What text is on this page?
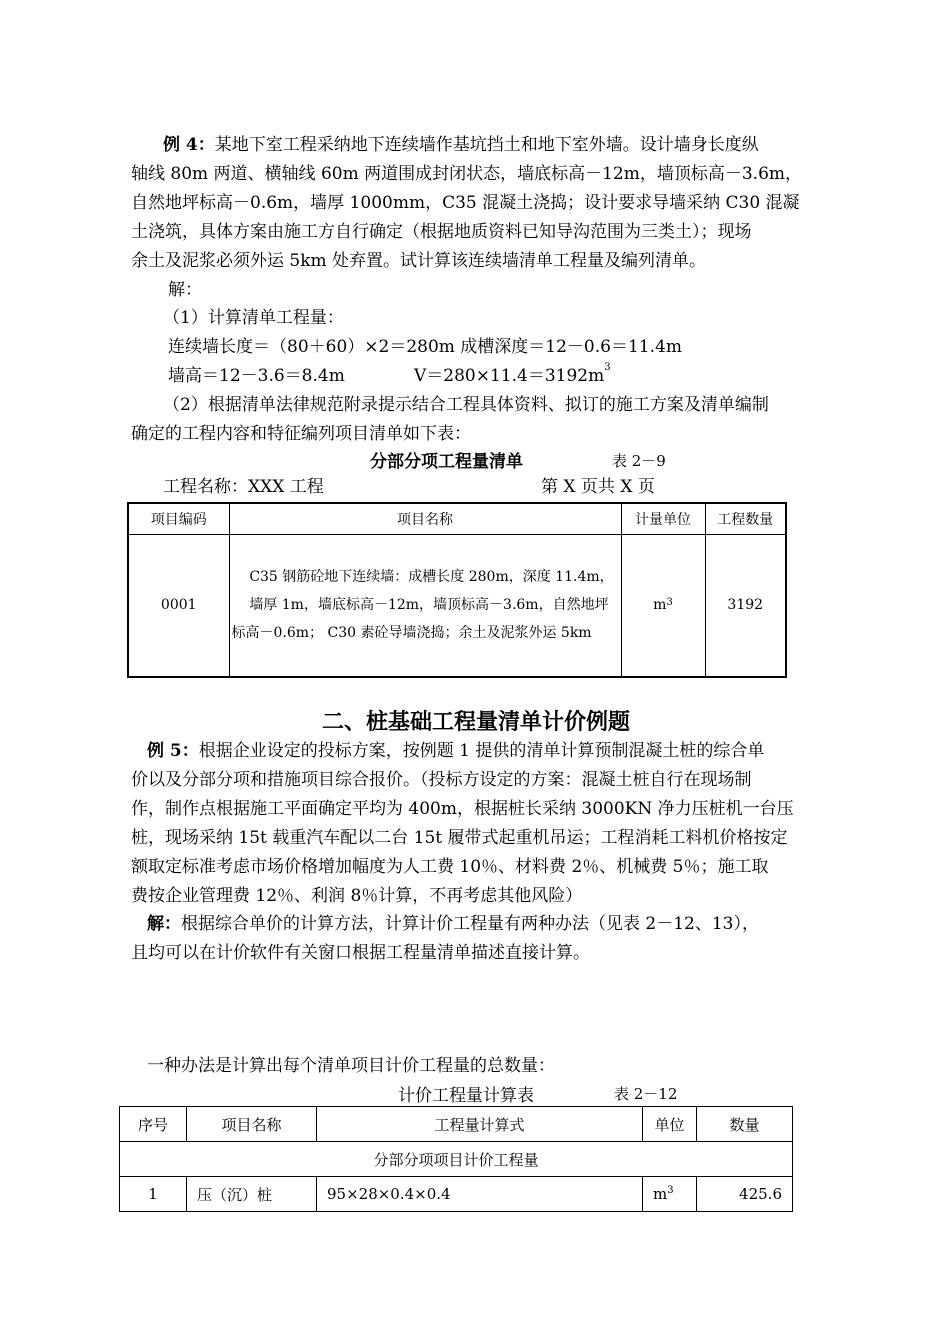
例 4：某地下室工程采纳地下连续墙作基坑挡土和地下室外墙。设计墙身长度纵
轴线 80m 两道、横轴线 60m 两道围成封闭状态，墙底标高－12m，墙顶标高－3.6m，
自然地坪标高－0.6m，墙厚 1000mm，C35 混凝土浇捣；设计要求导墙采纳 C30 混凝
土浇筑，具体方案由施工方自行确定（根据地质资料已知导沟范围为三类土）；现场
余土及泥浆必须外运 5km 处弃置。试计算该连续墙清单工程量及编列清单。
解：
（1）计算清单工程量：
连续墙长度＝（80＋60）×2＝280m 成槽深度＝12－0.6＝11.4m
墙高＝12－3.6＝8.4m	$V=280\times 11.4=3192m^3$
（2）根据清单法律规范附录提示结合工程具体资料、拟订的施工方案及清单编制
确定的工程内容和特征编列项目清单如下表：
分部分项工程量清单	表 2－9
工程名称：XXX 工程	第 X 页共 X 页
项目编码	项目名称	计量单位	工程数量
0001	C35 钢筋砼地下连续墙：成槽长度 280m，深度 11.4m，
墙厚 1m，墙底标高－12m，墙顶标高－3.6m，自然地坪标高－0.6m； C30 素砼导墙浇捣；余土及泥浆外运 5km	$m^3$	3192
二、桩基础工程量清单计价例题
例 5：根据企业设定的投标方案，按例题 1 提供的清单计算预制混凝土桩的综合单
价以及分部分项和措施项目综合报价。（投标方设定的方案：混凝土桩自行在现场制
作，制作点根据施工平面确定平均为 400m，根据桩长采纳 3000KN 净力压桩机一台压
桩，现场采纳 15t 载重汽车配以二台 15t 履带式起重机吊运；工程消耗工料机价格按定
额取定标准考虑市场价格增加幅度为人工费 10％、材料费 2％、机械费 5％；施工取
费按企业管理费 12％、利润 8％计算，不再考虑其他风险）
解：根据综合单价的计算方法，计算计价工程量有两种办法（见表 2－12、13），
且均可以在计价软件有关窗口根据工程量清单描述直接计算。
一种办法是计算出每个清单项目计价工程量的总数量：
计价工程量计算表	表 2－12
序号	项目名称	工程量计算式	单位	数量
分部分项项目计价工程量				
1	压（沉）桩	95×28×0.4×0.4	$m^3$	425.6
